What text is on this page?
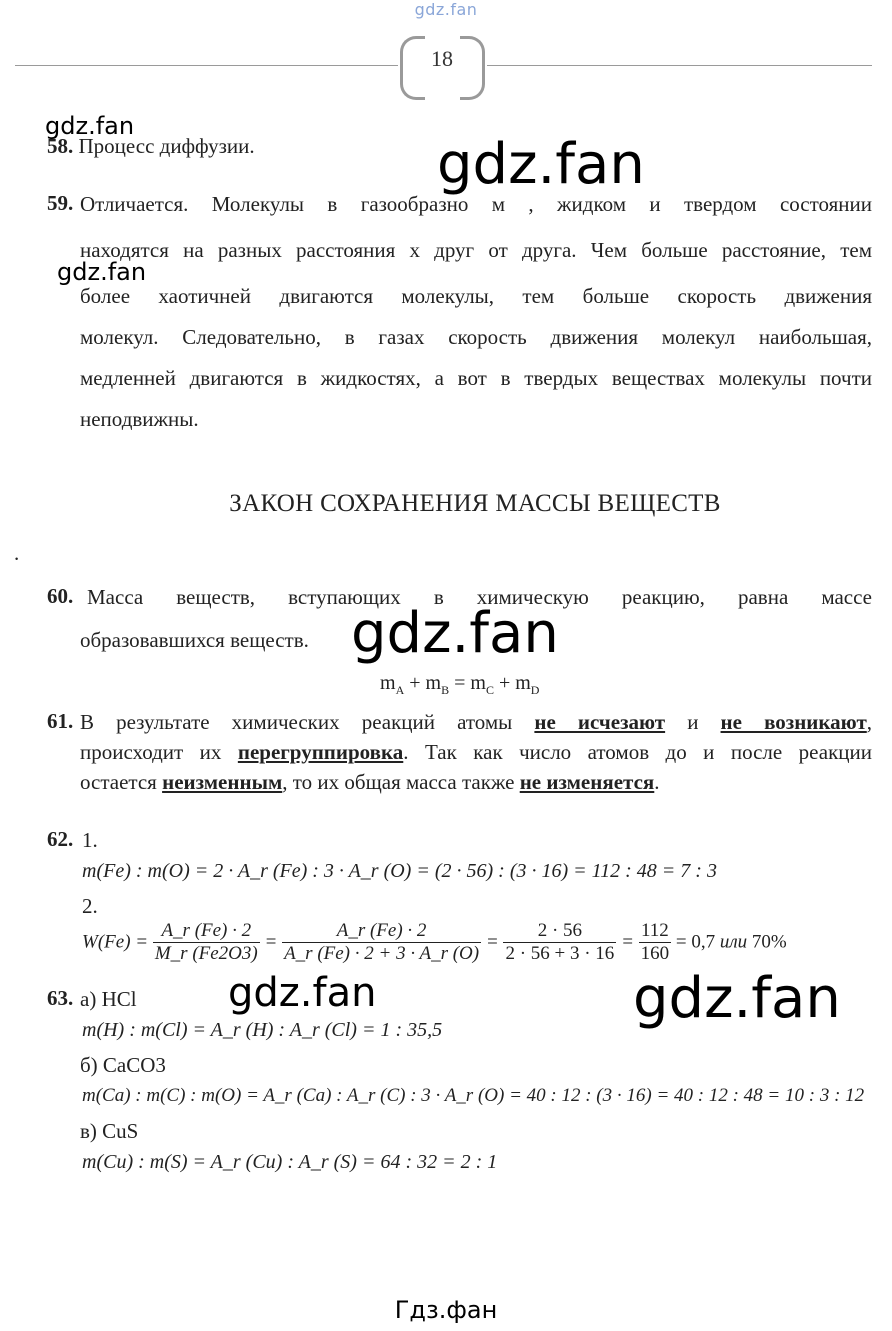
gdz.fan
18
58. Процесс диффузии.
59. Отличается. Молекулы в газообразно м , жидком и твердом состоянии
находятся на разных расстояния х друг от друга. Чем больше расстояние, тем
более хаотичней двигаются молекулы, тем больше скорость движения
молекул. Следовательно, в газах скорость движения молекул наибольшая,
медленней двигаются в жидкостях, а вот в твердых веществах молекулы почти
неподвижны.
ЗАКОН СОХРАНЕНИЯ МАССЫ ВЕЩЕСТВ
.
60. Масса веществ, вступающих в химическую реакцию, равна массе
образовавшихся веществ.
$m_A + m_B = m_C + m_D$
61. В результате химических реакций атомы не исчезают и не возникают,
происходит их перегруппировка. Так как число атомов до и после реакции
остается неизменным, то их общая масса также не изменяется.
62. 1.
m(Fe) : m(O) = 2 · A_r (Fe) : 3 · A_r (O) = (2 · 56) : (3 · 16) = 112 : 48 = 7 : 3
2.
$W(Fe) = \frac{A\_r (Fe) \cdot 2}{M\_r (Fe2O3)} = \frac{A\_r (Fe) \cdot 2}{A\_r (Fe) \cdot 2 + 3 \cdot A\_r (O)} = \frac{2 \cdot 56}{2 \cdot 56 + 3 \cdot 16} = \frac{112}{160} = 0,7$ или 70%
63. а) HCl
m(H) : m(Cl) = A_r (H) : A_r (Cl) = 1 : 35,5
б) CaCO3
m(Ca) : m(C) : m(O) = A_r (Ca) : A_r (C) : 3 · A_r (O) = 40 : 12 : (3 · 16) = 40 : 12 : 48 = 10 : 3 : 12
в) CuS
m(Cu) : m(S) = A_r (Cu) : A_r (S) = 64 : 32 = 2 : 1
gdz.fan
gdz.fan
gdz.fan
gdz.fan
gdz.fan	gdz.fan
Гдз.фан
